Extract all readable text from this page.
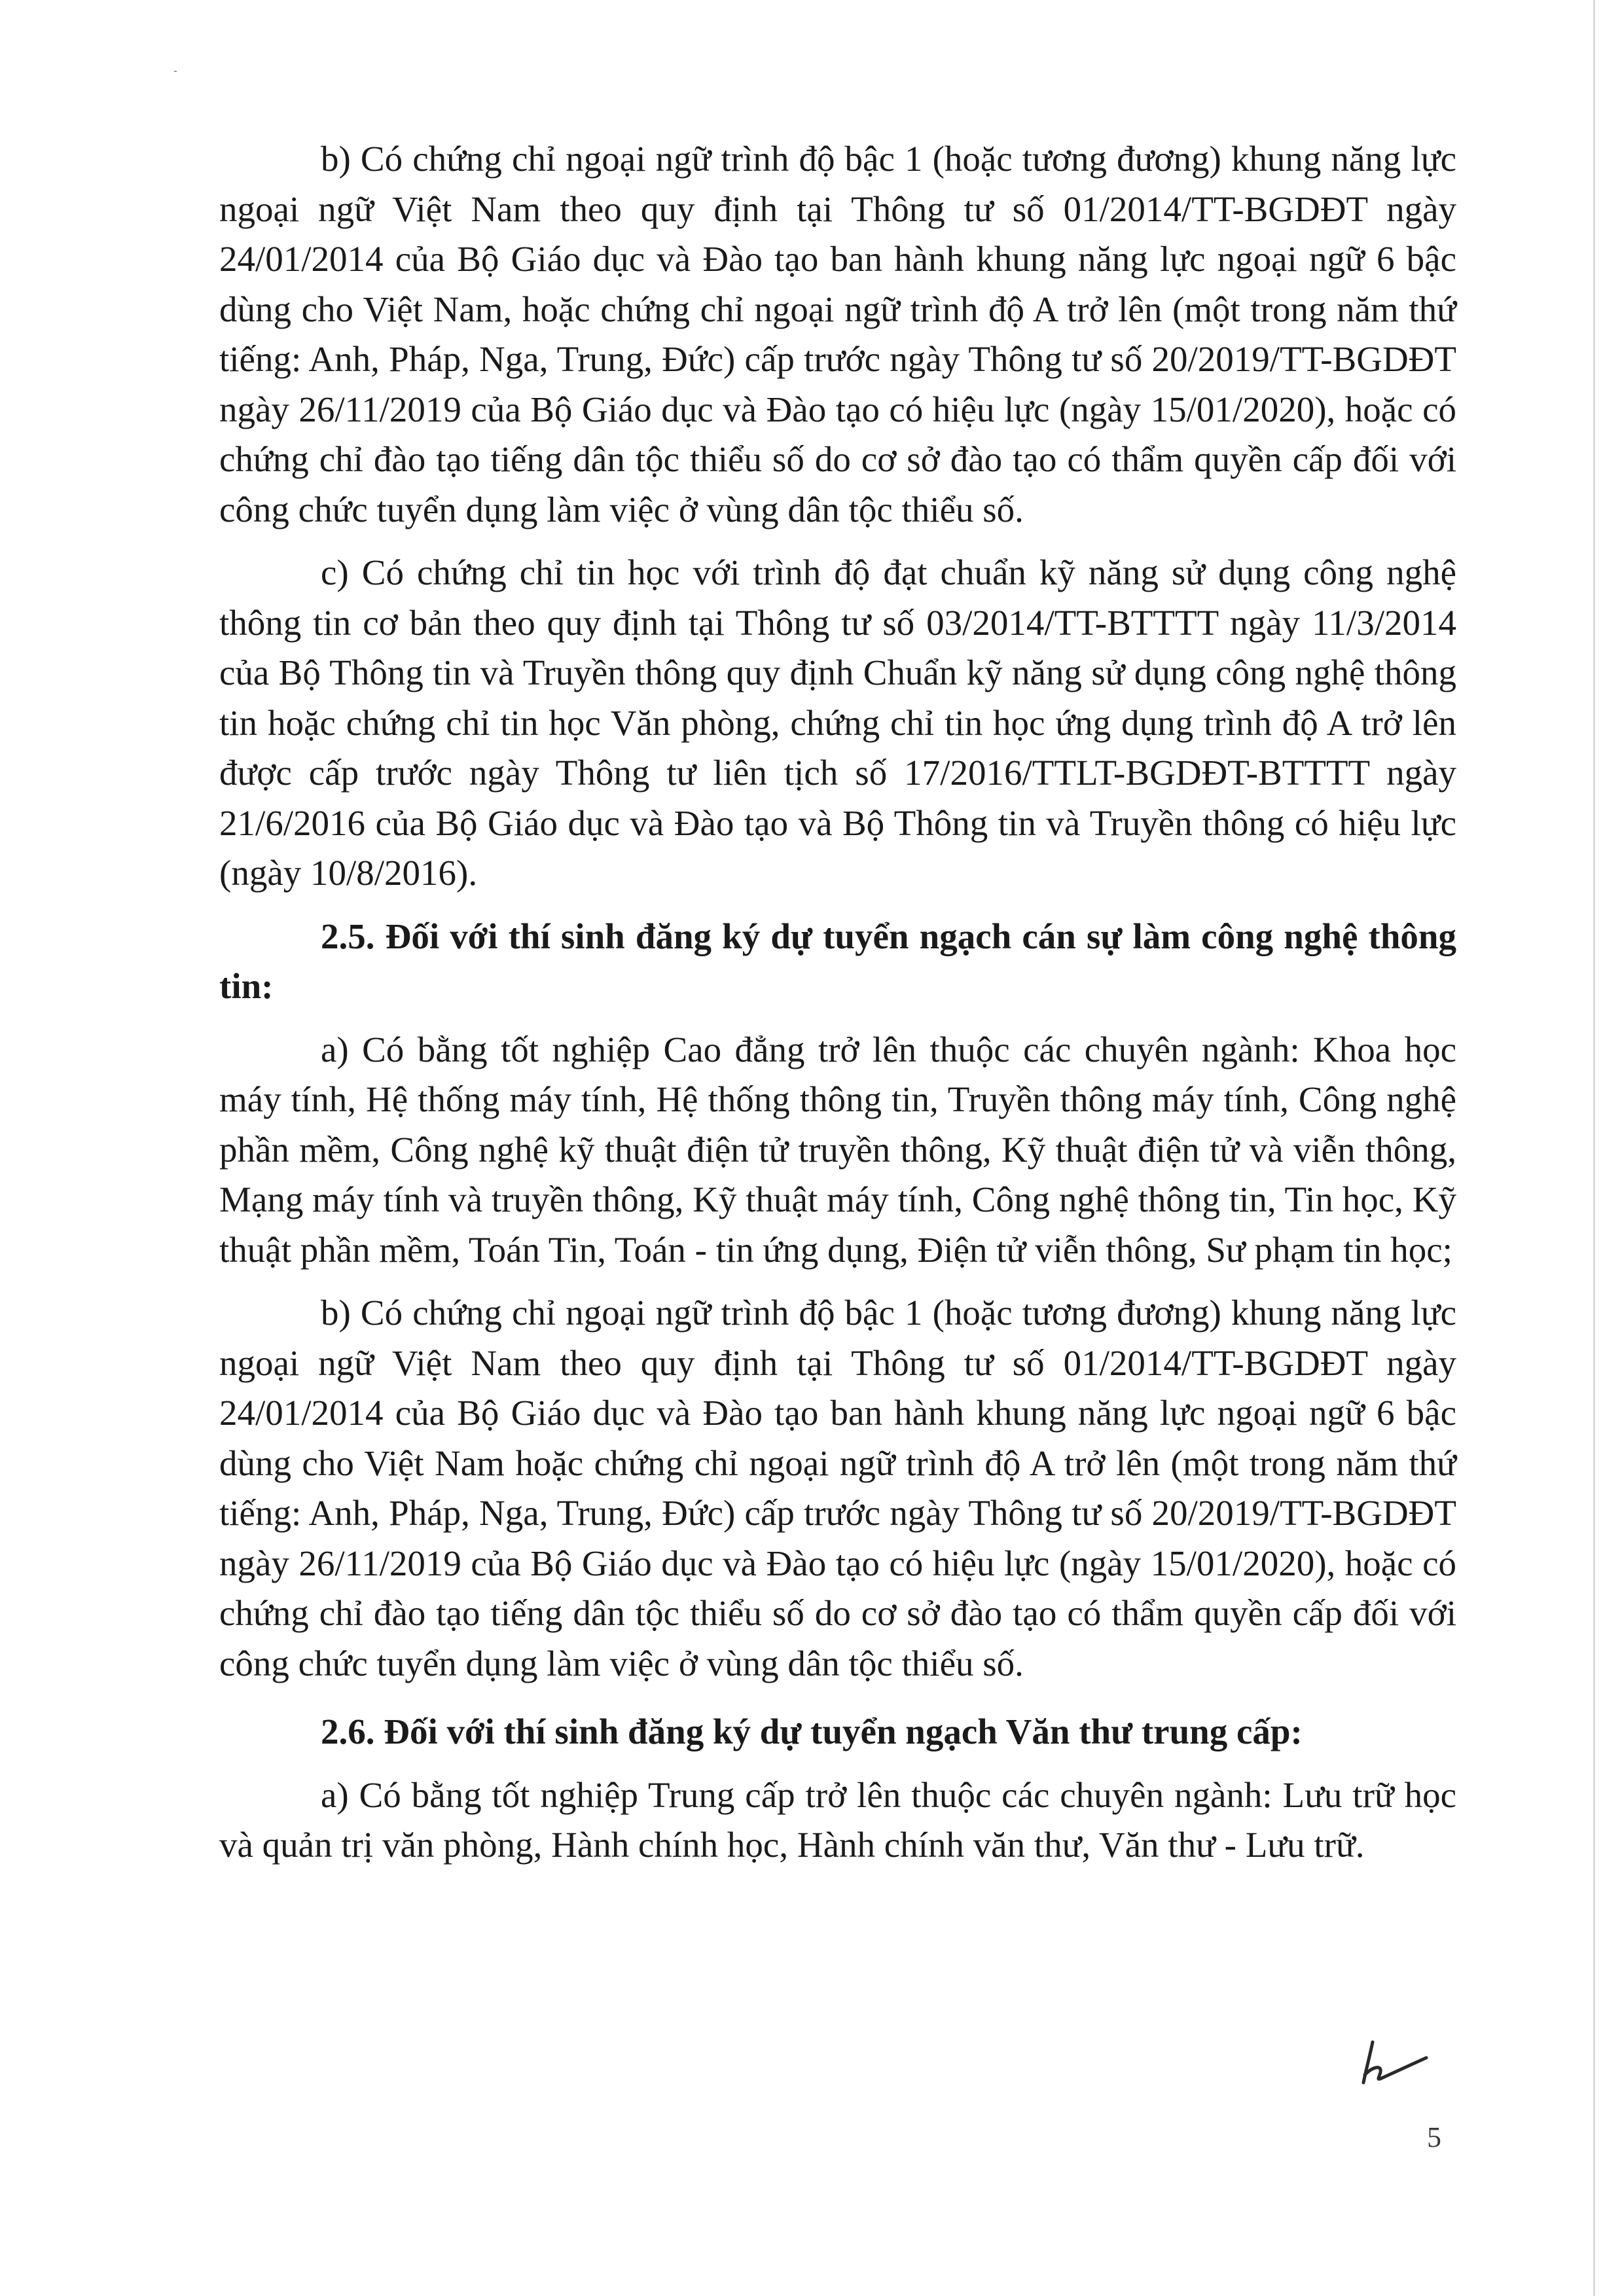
b) Có chứng chỉ ngoại ngữ trình độ bậc 1 (hoặc tương đương) khung năng lực ngoại ngữ Việt Nam theo quy định tại Thông tư số 01/2014/TT-BGDĐT ngày 24/01/2014 của Bộ Giáo dục và Đào tạo ban hành khung năng lực ngoại ngữ 6 bậc dùng cho Việt Nam, hoặc chứng chỉ ngoại ngữ trình độ A trở lên (một trong năm thứ tiếng: Anh, Pháp, Nga, Trung, Đức) cấp trước ngày Thông tư số 20/2019/TT-BGDĐT ngày 26/11/2019 của Bộ Giáo dục và Đào tạo có hiệu lực (ngày 15/01/2020), hoặc có chứng chỉ đào tạo tiếng dân tộc thiểu số do cơ sở đào tạo có thẩm quyền cấp đối với công chức tuyển dụng làm việc ở vùng dân tộc thiểu số.

c) Có chứng chỉ tin học với trình độ đạt chuẩn kỹ năng sử dụng công nghệ thông tin cơ bản theo quy định tại Thông tư số 03/2014/TT-BTTTT ngày 11/3/2014 của Bộ Thông tin và Truyền thông quy định Chuẩn kỹ năng sử dụng công nghệ thông tin hoặc chứng chỉ tin học Văn phòng, chứng chỉ tin học ứng dụng trình độ A trở lên được cấp trước ngày Thông tư liên tịch số 17/2016/TTLT-BGDĐT-BTTTT ngày 21/6/2016 của Bộ Giáo dục và Đào tạo và Bộ Thông tin và Truyền thông có hiệu lực (ngày 10/8/2016).

2.5. Đối với thí sinh đăng ký dự tuyển ngạch cán sự làm công nghệ thông tin:

a) Có bằng tốt nghiệp Cao đẳng trở lên thuộc các chuyên ngành: Khoa học máy tính, Hệ thống máy tính, Hệ thống thông tin, Truyền thông máy tính, Công nghệ phần mềm, Công nghệ kỹ thuật điện tử truyền thông, Kỹ thuật điện tử và viễn thông, Mạng máy tính và truyền thông, Kỹ thuật máy tính, Công nghệ thông tin, Tin học, Kỹ thuật phần mềm, Toán Tin, Toán - tin ứng dụng, Điện tử viễn thông, Sư phạm tin học;

b) Có chứng chỉ ngoại ngữ trình độ bậc 1 (hoặc tương đương) khung năng lực ngoại ngữ Việt Nam theo quy định tại Thông tư số 01/2014/TT-BGDĐT ngày 24/01/2014 của Bộ Giáo dục và Đào tạo ban hành khung năng lực ngoại ngữ 6 bậc dùng cho Việt Nam hoặc chứng chỉ ngoại ngữ trình độ A trở lên (một trong năm thứ tiếng: Anh, Pháp, Nga, Trung, Đức) cấp trước ngày Thông tư số 20/2019/TT-BGDĐT ngày 26/11/2019 của Bộ Giáo dục và Đào tạo có hiệu lực (ngày 15/01/2020), hoặc có chứng chỉ đào tạo tiếng dân tộc thiểu số do cơ sở đào tạo có thẩm quyền cấp đối với công chức tuyển dụng làm việc ở vùng dân tộc thiểu số.

2.6. Đối với thí sinh đăng ký dự tuyển ngạch Văn thư trung cấp:

a) Có bằng tốt nghiệp Trung cấp trở lên thuộc các chuyên ngành: Lưu trữ học và quản trị văn phòng, Hành chính học, Hành chính văn thư, Văn thư - Lưu trữ.

5
